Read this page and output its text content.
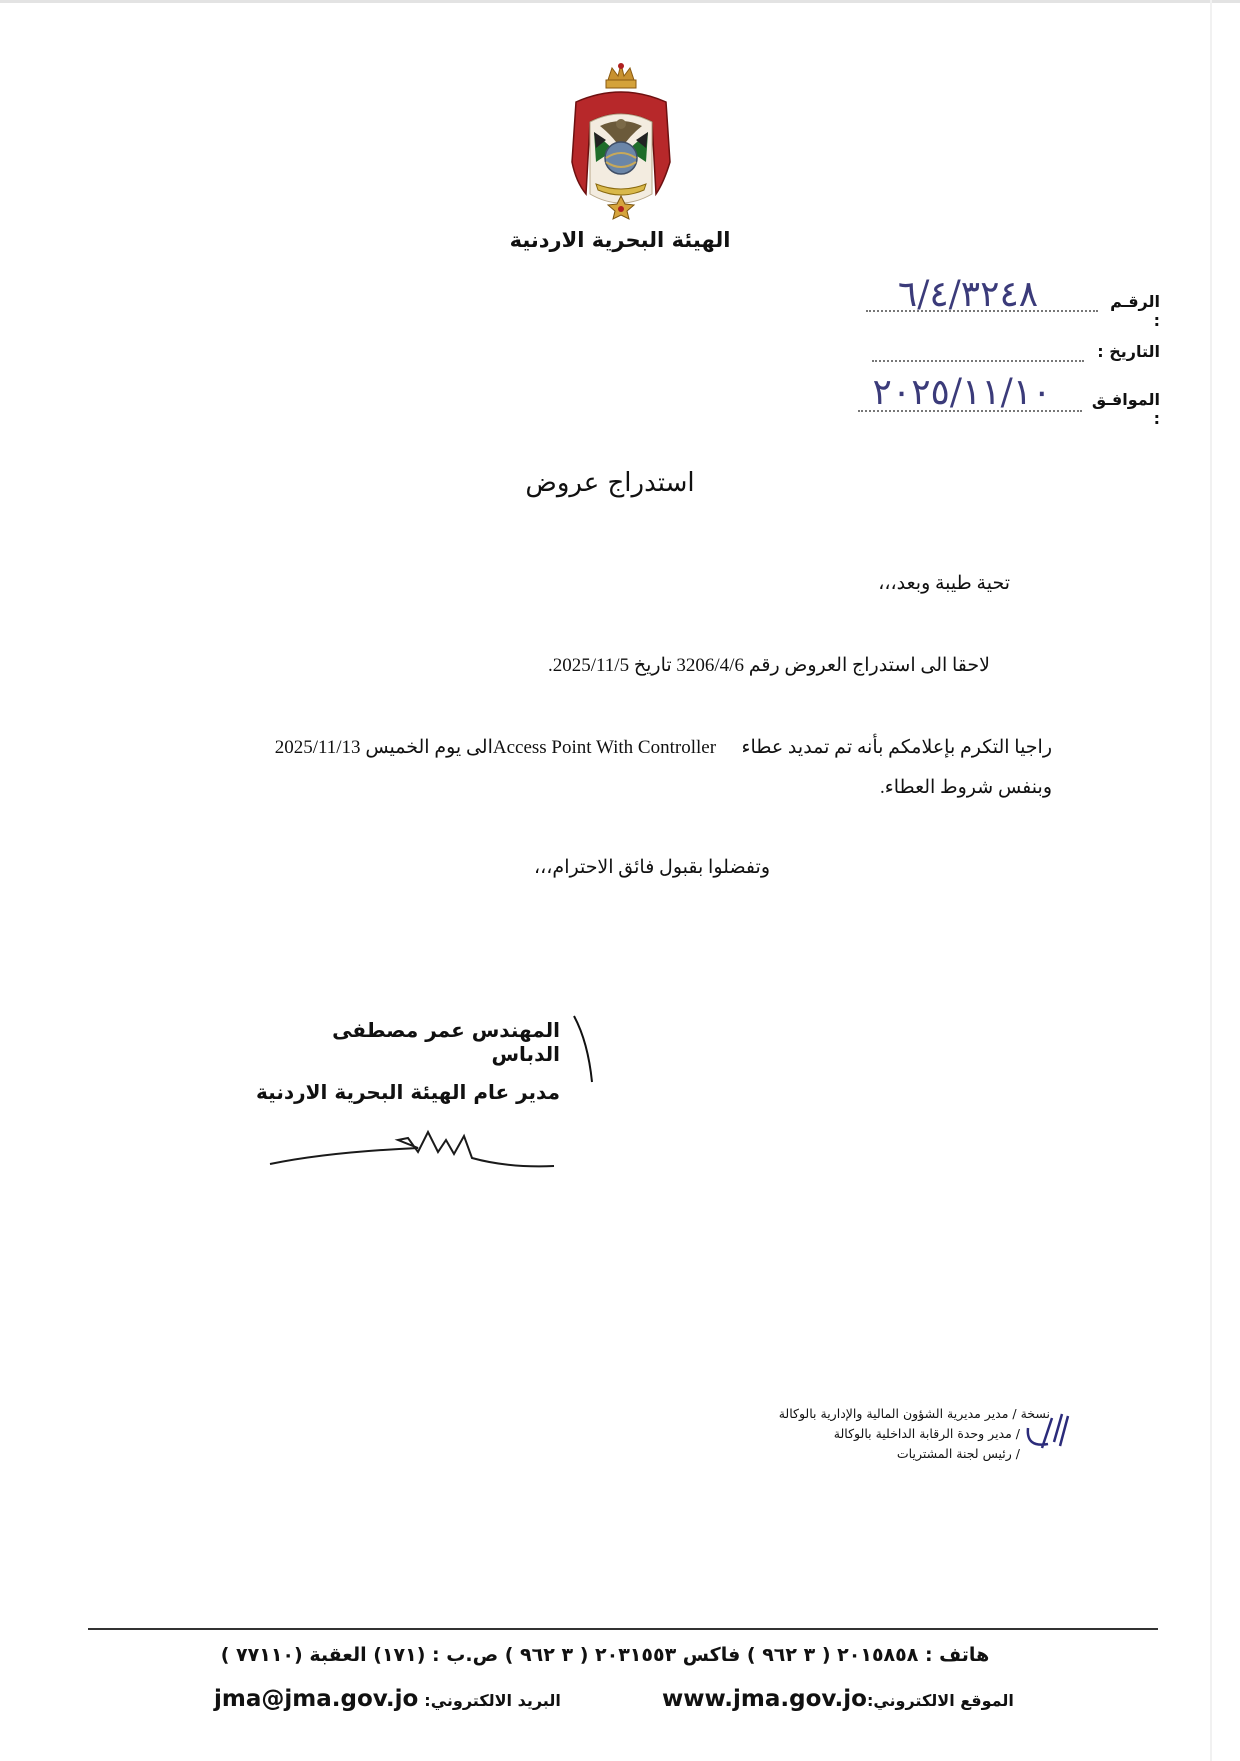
الهيئة البحرية الاردنية
الرقـم :
٦/٤/٣٢٤٨
التاريخ :
الموافـق :
٢٠٢٥/١١/١٠
استدراج عروض
تحية طيبة وبعد،،،
لاحقا الى استدراج العروض رقم 3206/4/6 تاريخ 2025/11/5.
راجيا التكرم بإعلامكم بأنه تم تمديد عطاء  Access Point With Controllerالى يوم الخميس 2025/11/13
وبنفس شروط العطاء.
وتفضلوا بقبول فائق الاحترام،،،
المهندس عمر مصطفى الدباس
مدير عام الهيئة البحرية الاردنية
نسخة / مدير مديرية الشؤون المالية والإدارية بالوكالة
/ مدير وحدة الرقابة الداخلية بالوكالة
/ رئيس لجنة المشتريات
هاتف : ٢٠١٥٨٥٨ ( ٣ ٩٦٢ ) فاكس ٢٠٣١٥٥٣ ( ٣ ٩٦٢ ) ص.ب : (١٧١) العقبة (٧٧١١٠ )
www.jma.gov.joالموقع الالكتروني:
jma@jma.gov.jo البريد الالكتروني:
